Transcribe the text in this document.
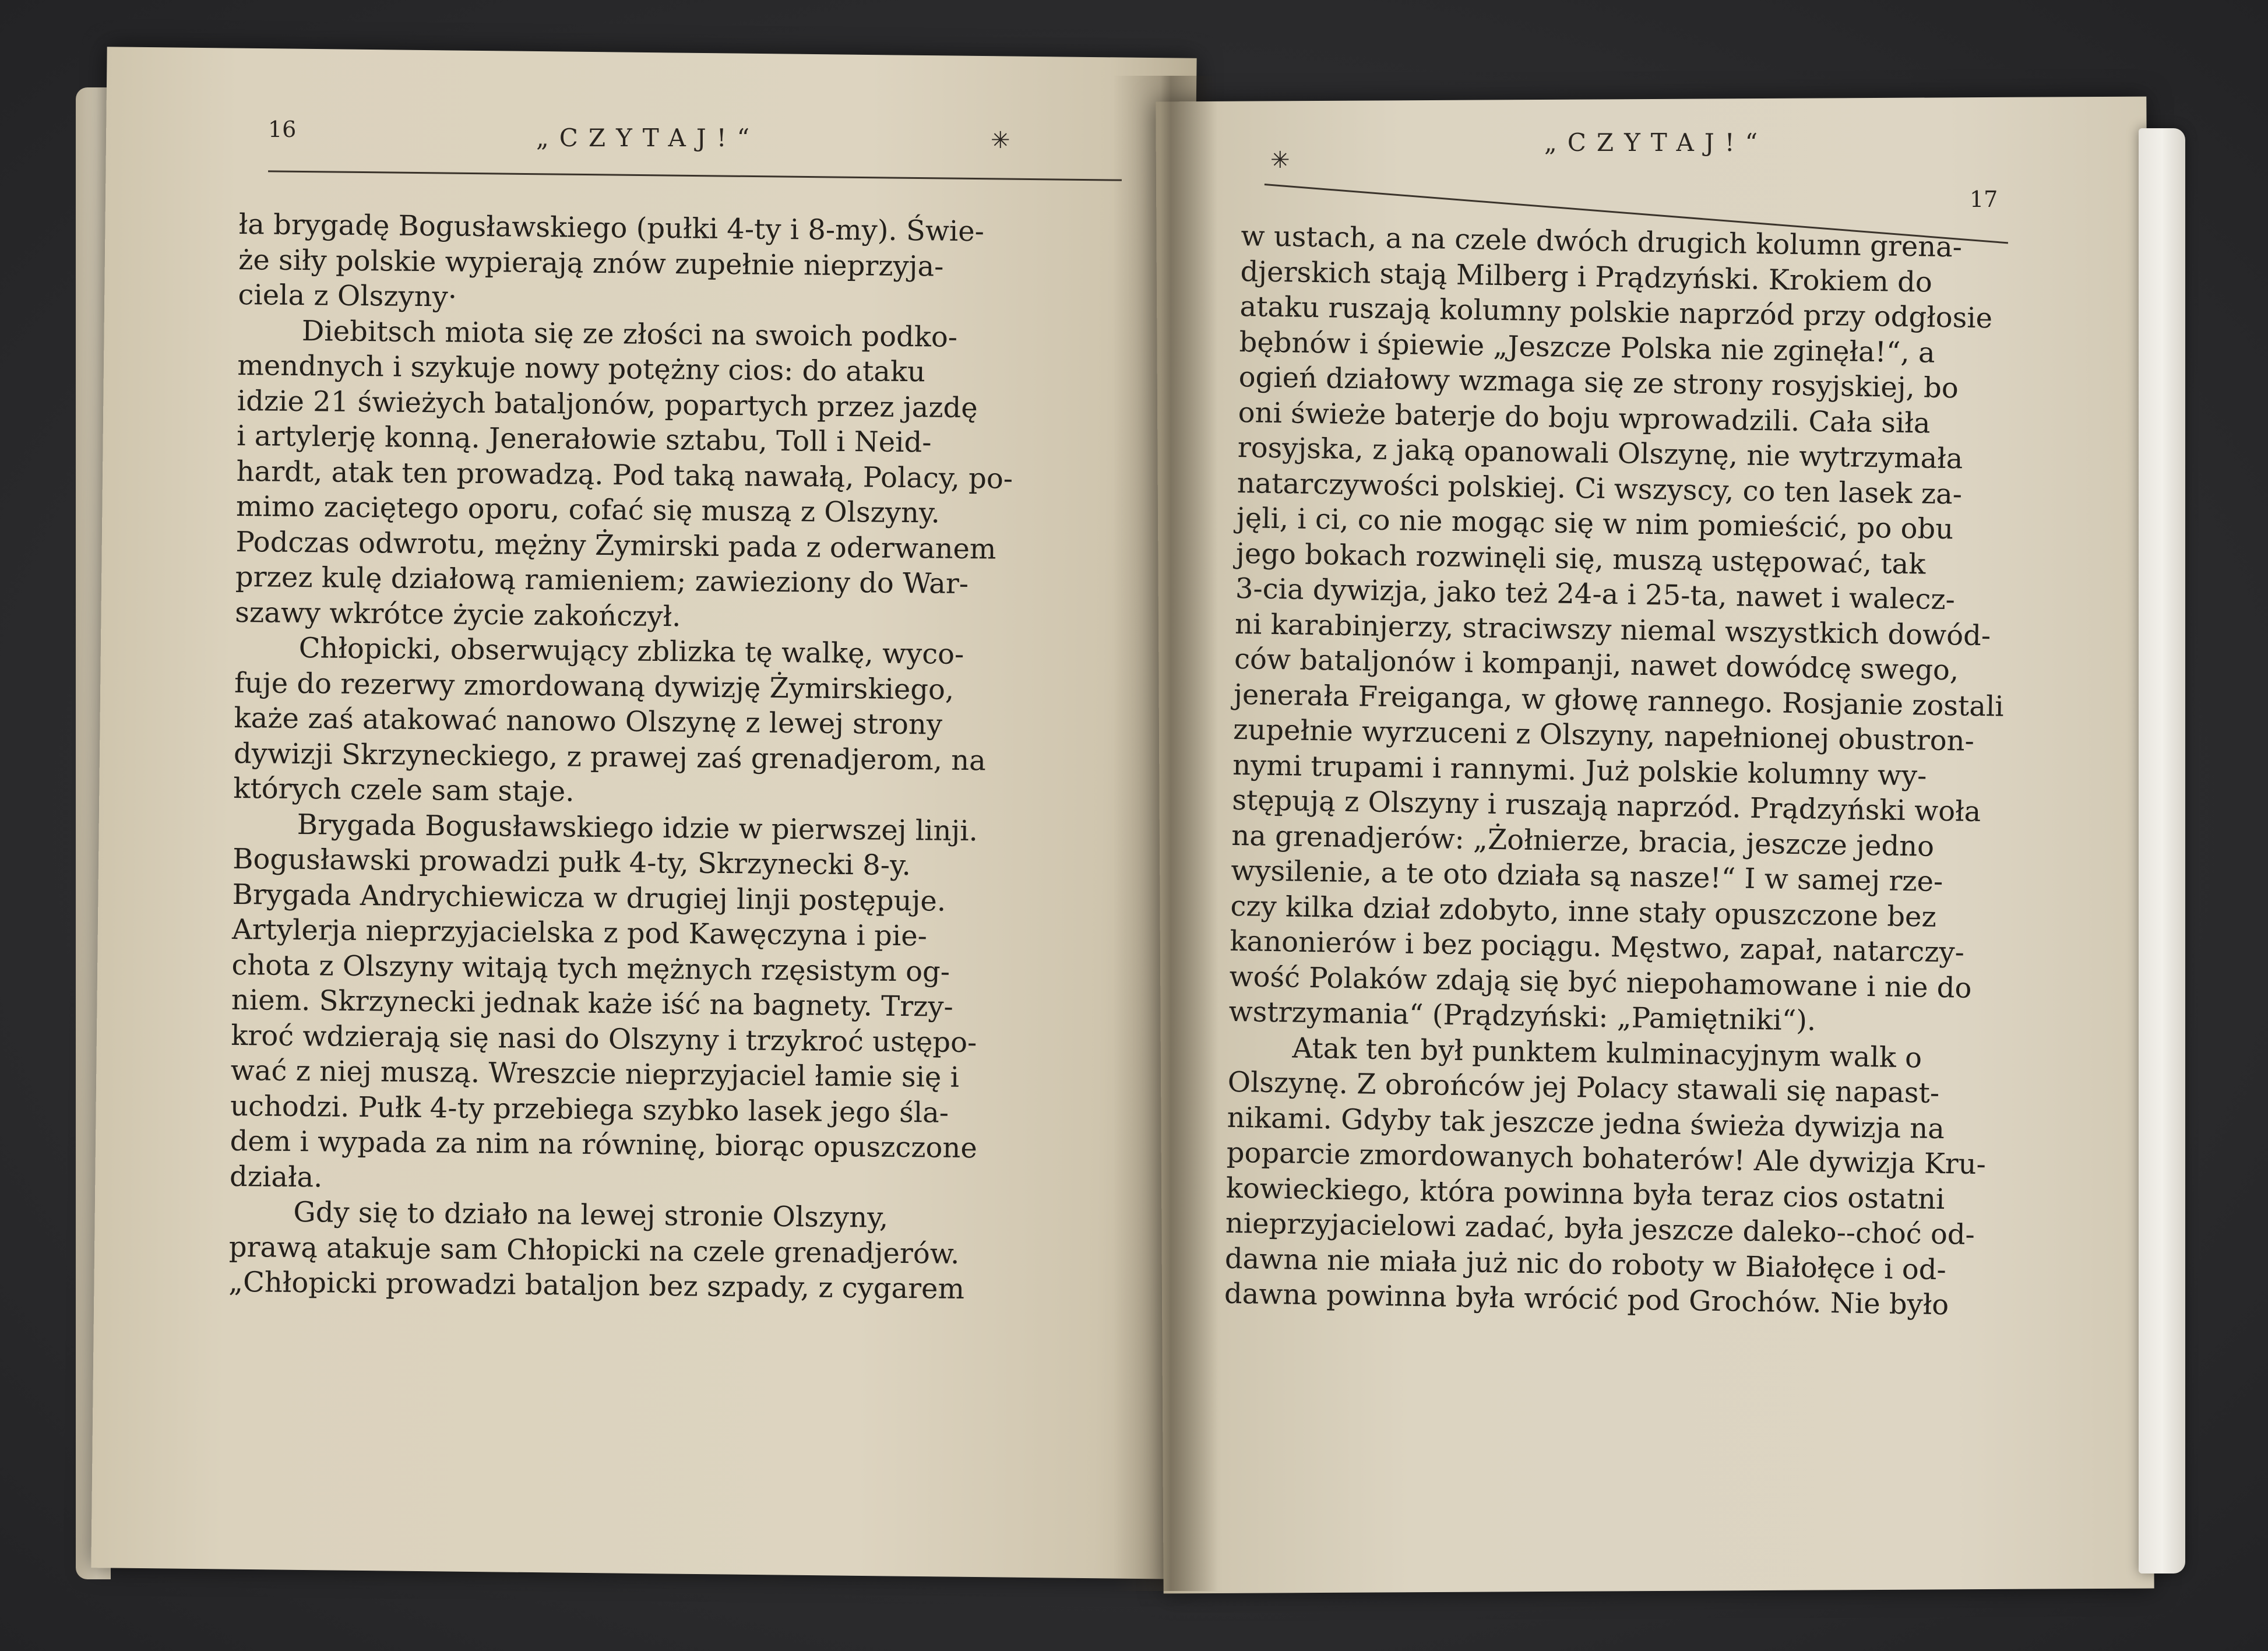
16	„CZYTAJ!“	✳
✳
„CZYTAJ!“
17

ła brygadę Bogusławskiego (pułki 4-ty i 8-my). Świe-

że siły polskie wypierają znów zupełnie nieprzyja-

ciela z Olszyny·

Diebitsch miota się ze złości na swoich podko-

mendnych i szykuje nowy potężny cios: do ataku

idzie 21 świeżych bataljonów, popartych przez jazdę

i artylerję konną. Jenerałowie sztabu, Toll i Neid-

hardt, atak ten prowadzą. Pod taką nawałą, Polacy, po-

mimo zaciętego oporu, cofać się muszą z Olszyny.

Podczas odwrotu, mężny Żymirski pada z oderwanem

przez kulę działową ramieniem; zawieziony do War-

szawy wkrótce życie zakończył.

Chłopicki, obserwujący zblizka tę walkę, wyco-

fuje do rezerwy zmordowaną dywizję Żymirskiego,

każe zaś atakować nanowo Olszynę z lewej strony

dywizji Skrzyneckiego, z prawej zaś grenadjerom, na

których czele sam staje.

Brygada Bogusławskiego idzie w pierwszej linji.

Bogusławski prowadzi pułk 4-ty, Skrzynecki 8-y.

Brygada Andrychiewicza w drugiej linji postępuje.

Artylerja nieprzyjacielska z pod Kawęczyna i pie-

chota z Olszyny witają tych mężnych rzęsistym og-

niem. Skrzynecki jednak każe iść na bagnety. Trzy-

kroć wdzierają się nasi do Olszyny i trzykroć ustępo-

wać z niej muszą. Wreszcie nieprzyjaciel łamie się i

uchodzi. Pułk 4-ty przebiega szybko lasek jego śla-

dem i wypada za nim na równinę, biorąc opuszczone

działa.

Gdy się to działo na lewej stronie Olszyny,

prawą atakuje sam Chłopicki na czele grenadjerów.

„Chłopicki prowadzi bataljon bez szpady, z cygarem

w ustach, a na czele dwóch drugich kolumn grena-

djerskich stają Milberg i Prądzyński. Krokiem do

ataku ruszają kolumny polskie naprzód przy odgłosie

bębnów i śpiewie „Jeszcze Polska nie zginęła!“, a

ogień działowy wzmaga się ze strony rosyjskiej, bo

oni świeże baterje do boju wprowadzili. Cała siła

rosyjska, z jaką opanowali Olszynę, nie wytrzymała

natarczywości polskiej. Ci wszyscy, co ten lasek za-

jęli, i ci, co nie mogąc się w nim pomieścić, po obu

jego bokach rozwinęli się, muszą ustępować, tak

3-cia dywizja, jako też 24-a i 25-ta, nawet i walecz-

ni karabinjerzy, straciwszy niemal wszystkich dowód-

ców bataljonów i kompanji, nawet dowódcę swego,

jenerała Freiganga, w głowę rannego. Rosjanie zostali

zupełnie wyrzuceni z Olszyny, napełnionej obustron-

nymi trupami i rannymi. Już polskie kolumny wy-

stępują z Olszyny i ruszają naprzód. Prądzyński woła

na grenadjerów: „Żołnierze, bracia, jeszcze jedno

wysilenie, a te oto działa są nasze!“ I w samej rze-

czy kilka dział zdobyto, inne stały opuszczone bez

kanonierów i bez pociągu. Męstwo, zapał, natarczy-

wość Polaków zdają się być niepohamowane i nie do

wstrzymania“ (Prądzyński: „Pamiętniki“).

Atak ten był punktem kulminacyjnym walk o

Olszynę. Z obrońców jej Polacy stawali się napast-

nikami. Gdyby tak jeszcze jedna świeża dywizja na

poparcie zmordowanych bohaterów! Ale dywizja Kru-

kowieckiego, która powinna była teraz cios ostatni

nieprzyjacielowi zadać, była jeszcze daleko--choć od-

dawna nie miała już nic do roboty w Białołęce i od-

dawna powinna była wrócić pod Grochów. Nie było
